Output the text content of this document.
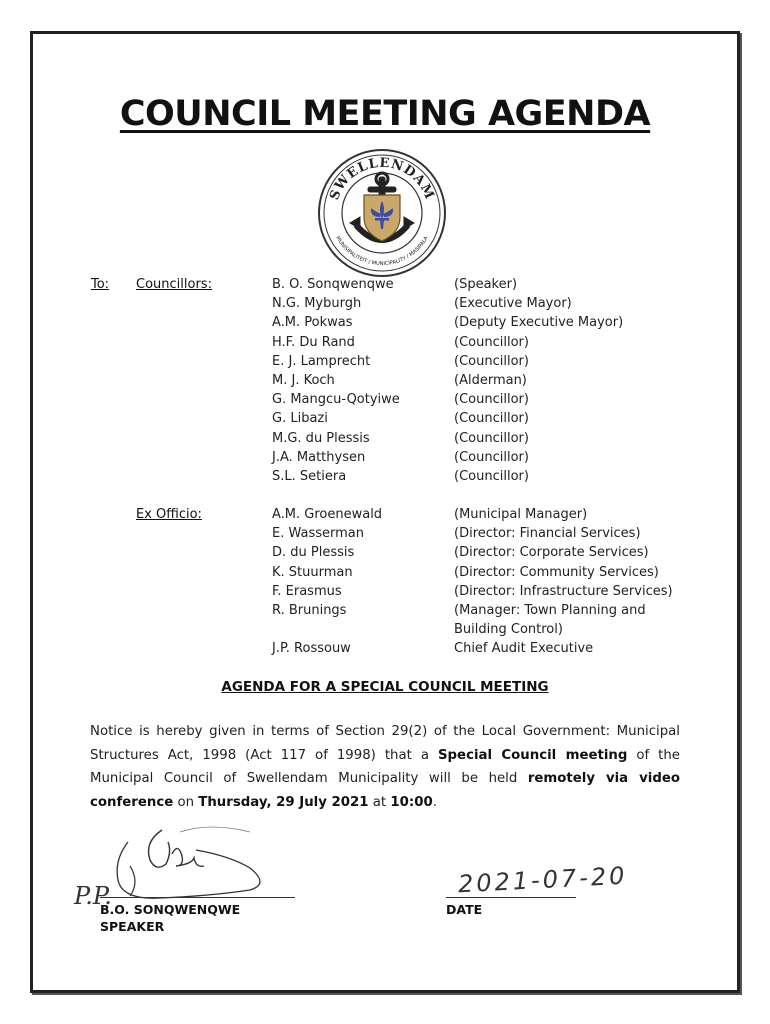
COUNCIL MEETING AGENDA
SWELLENDAM
MUNISIPALITEIT / MUNICIPALITY / MASIPALA
To: Councillors:	B. O. Sonqwenqwe
N.G. Myburgh
A.M. Pokwas
H.F. Du Rand
E. J. Lamprecht
M. J. Koch
G. Mangcu-Qotyiwe
G. Libazi
M.G. du Plessis
J.A. Matthysen
S.L. Setiera
(Speaker)
(Executive Mayor)
(Deputy Executive Mayor)
(Councillor)
(Councillor)
(Alderman)
(Councillor)
(Councillor)
(Councillor)
(Councillor)
(Councillor)
Ex Officio:	A.M. Groenewald
E. Wasserman
D. du Plessis
K. Stuurman
F. Erasmus
R. Brunings

J.P. Rossouw
(Municipal Manager)
(Director: Financial Services)
(Director: Corporate Services)
(Director: Community Services)
(Director: Infrastructure Services)
(Manager: Town Planning and
Building Control)
Chief Audit Executive
AGENDA FOR A SPECIAL COUNCIL MEETING
Notice is hereby given in terms of Section 29(2) of the Local Government: Municipal Structures Act, 1998 (Act 117 of 1998) that a Special Council meeting of the Municipal Council of Swellendam Municipality will be held remotely via video conference on Thursday, 29 July 2021 at 10:00.
P.P.
B.O. SONQWENQWE
SPEAKER
2021-07-20
DATE
